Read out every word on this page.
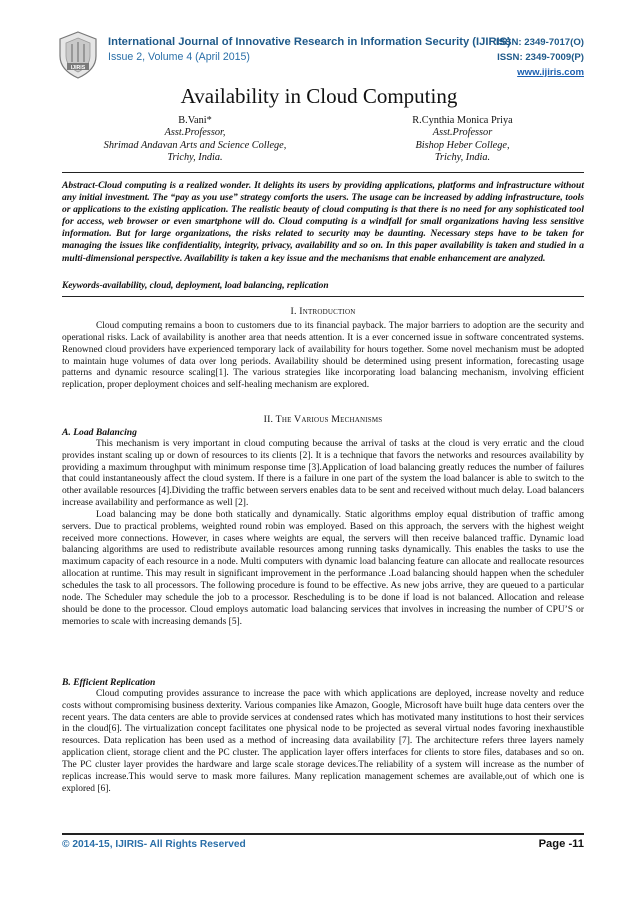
IJIRIS
International Journal of Innovative Research in Information Security (IJIRIS)
Issue 2, Volume 4 (April 2015)
ISSN: 2349-7017(O)
ISSN: 2349-7009(P)
www.ijiris.com
Availability in Cloud Computing
B.Vani*
Asst.Professor,
Shrimad Andavan Arts and Science College,
Trichy, India.
R.Cynthia Monica Priya
Asst.Professor
Bishop Heber College,
Trichy, India.
Abstract-Cloud computing is a realized wonder. It delights its users by providing applications, platforms and infrastructure without any initial investment. The “pay as you use” strategy comforts the users. The usage can be increased by adding infrastructure, tools or applications to the existing application. The realistic beauty of cloud computing is that there is no need for any sophisticated tool for access, web browser or even smartphone will do. Cloud computing is a windfall for small organizations having less sensitive information. But for large organizations, the risks related to security may be daunting. Necessary steps have to be taken for managing the issues like confidentiality, integrity, privacy, availability and so on. In this paper availability is taken and studied in a multi-dimensional perspective. Availability is taken a key issue and the mechanisms that enable enhancement are analyzed.
Keywords-availability, cloud, deployment, load balancing, replication
I. Introduction

Cloud computing remains a boon to customers due to its financial payback. The major barriers to adoption are the security and operational risks. Lack of availability is another area that needs attention. It is a ever concerned issue in software concentrated systems. Renowned cloud providers have experienced temporary lack of availability for hours together. Some novel mechanism must be adopted to maintain huge volumes of data over long periods. Availability should be determined using present information, forecasting usage patterns and dynamic resource scaling[1]. The various strategies like incorporating load balancing mechanism, involving efficient replication, proper deployment choices and self-healing mechanism are explored.

II. The Various Mechanisms
A. Load Balancing

This mechanism is very important in cloud computing because the arrival of tasks at the cloud is very erratic and the cloud provides instant scaling up or down of resources to its clients [2]. It is a technique that favors the networks and resources availability by providing a maximum throughput with minimum response time [3].Application of load balancing greatly reduces the number of failures that could instantaneously affect the cloud system. If there is a failure in one part of the system the load balancer is able to switch to the other available resources [4].Dividing the traffic between servers enables data to be sent and received without much delay. Load balancers increase availability and performance as well [2].

Load balancing may be done both statically and dynamically. Static algorithms employ equal distribution of traffic among servers. Due to practical problems, weighted round robin was employed. Based on this approach, the servers with the highest weight received more connections. However, in cases where weights are equal, the servers will then receive balanced traffic. Dynamic load balancing algorithms are used to redistribute available resources among running tasks dynamically. This enables the tasks to use the maximum capacity of each resource in a node. Multi computers with dynamic load balancing feature can allocate and reallocate resources allocation at runtime. This may result in significant improvement in the performance .Load balancing should happen when the scheduler schedules the task to all processors. The following procedure is found to be effective. As new jobs arrive, they are queued to a particular node. The Scheduler may schedule the job to a processor. Rescheduling is to be done if load is not balanced. Allocation and release should be done to the processor. Cloud employs automatic load balancing services that involves in increasing the number of CPU’S or memories to scale with increasing demands [5].

B. Efficient Replication

Cloud computing provides assurance to increase the pace with which applications are deployed, increase novelty and reduce costs without compromising business dexterity. Various companies like Amazon, Google, Microsoft have built huge data centers over the recent years. The data centers are able to provide services at condensed rates which has motivated many institutions to host their services in the cloud[6]. The virtualization concept facilitates one physical node to be projected as several virtual nodes favoring inexhaustible resources. Data replication has been used as a method of increasing data availability [7]. The architecture refers three layers namely application client, storage client and the PC cluster. The application layer offers interfaces for clients to store files, databases and so on. The PC cluster layer provides the hardware and large scale storage devices.The reliability of a system will increase as the number of replicas increase.This would serve to mask more failures. Many replication management schemes are available,out of which one is explored [6].

© 2014-15, IJIRIS- All Rights Reserved	Page -11
